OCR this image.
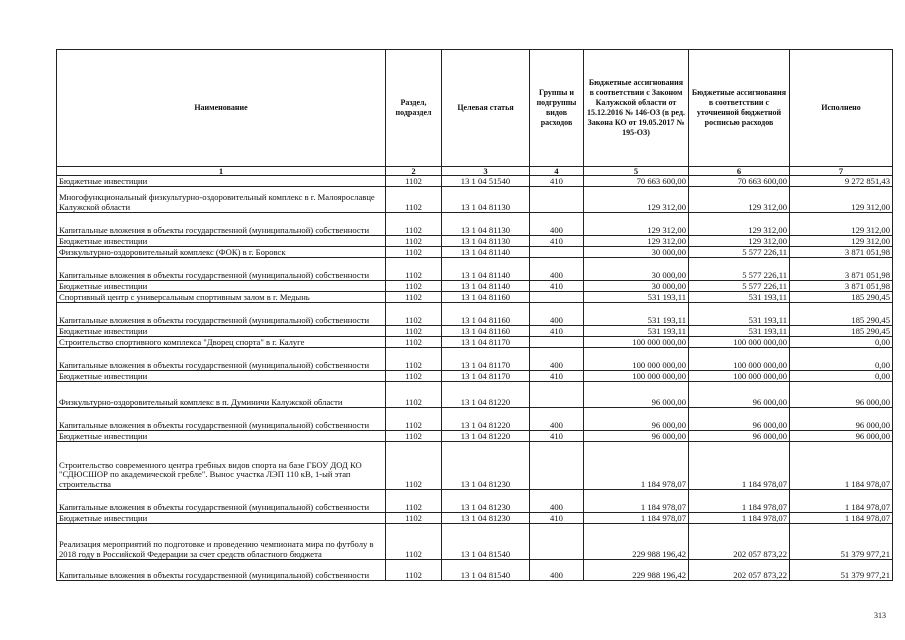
Наименование	Раздел, подраздел	Целевая статья	Группы и подгруппы видов расходов	Бюджетные ассигнования в соответствии с Законом Калужской области от 15.12.2016 № 146-ОЗ (в ред. Закона КО от 19.05.2017 № 195-ОЗ)	Бюджетные ассигнования в соответствии с уточненной бюджетной росписью расходов	Исполнено
1	2	3	4	5	6	7
Бюджетные инвестиции	1102	13 1 04 51540	410	70 663 600,00	70 663 600,00	9 272 851,43
Многофункциональный физкультурно-оздоровительный комплекс в г. Малоярославце Калужской области	1102	13 1 04 81130		129 312,00	129 312,00	129 312,00
Капитальные вложения в объекты государственной (муниципальной) собственности	1102	13 1 04 81130	400	129 312,00	129 312,00	129 312,00
Бюджетные инвестиции	1102	13 1 04 81130	410	129 312,00	129 312,00	129 312,00
Физкультурно-оздоровительный комплекс (ФОК) в г. Боровск	1102	13 1 04 81140		30 000,00	5 577 226,11	3 871 051,98
Капитальные вложения в объекты государственной (муниципальной) собственности	1102	13 1 04 81140	400	30 000,00	5 577 226,11	3 871 051,98
Бюджетные инвестиции	1102	13 1 04 81140	410	30 000,00	5 577 226,11	3 871 051,98
Спортивный центр с универсальным спортивным залом в г. Медынь	1102	13 1 04 81160		531 193,11	531 193,11	185 290,45
Капитальные вложения в объекты государственной (муниципальной) собственности	1102	13 1 04 81160	400	531 193,11	531 193,11	185 290,45
Бюджетные инвестиции	1102	13 1 04 81160	410	531 193,11	531 193,11	185 290,45
Строительство спортивного комплекса "Дворец спорта" в г. Калуге	1102	13 1 04 81170		100 000 000,00	100 000 000,00	0,00
Капитальные вложения в объекты государственной (муниципальной) собственности	1102	13 1 04 81170	400	100 000 000,00	100 000 000,00	0,00
Бюджетные инвестиции	1102	13 1 04 81170	410	100 000 000,00	100 000 000,00	0,00
Физкультурно-оздоровительный комплекс в п. Думиничи Калужской области	1102	13 1 04 81220		96 000,00	96 000,00	96 000,00
Капитальные вложения в объекты государственной (муниципальной) собственности	1102	13 1 04 81220	400	96 000,00	96 000,00	96 000,00
Бюджетные инвестиции	1102	13 1 04 81220	410	96 000,00	96 000,00	96 000,00
Строительство современного центра гребных видов спорта на базе ГБОУ ДОД КО "СДЮСШОР по академической гребле". Вынос участка ЛЭП 110 кВ, 1-ый этап строительства	1102	13 1 04 81230		1 184 978,07	1 184 978,07	1 184 978,07
Капитальные вложения в объекты государственной (муниципальной) собственности	1102	13 1 04 81230	400	1 184 978,07	1 184 978,07	1 184 978,07
Бюджетные инвестиции	1102	13 1 04 81230	410	1 184 978,07	1 184 978,07	1 184 978,07
Реализация мероприятий по подготовке и проведению чемпионата мира по футболу в 2018 году в Российской Федерации за счет средств областного бюджета	1102	13 1 04 81540		229 988 196,42	202 057 873,22	51 379 977,21
Капитальные вложения в объекты государственной (муниципальной) собственности	1102	13 1 04 81540	400	229 988 196,42	202 057 873,22	51 379 977,21
313
